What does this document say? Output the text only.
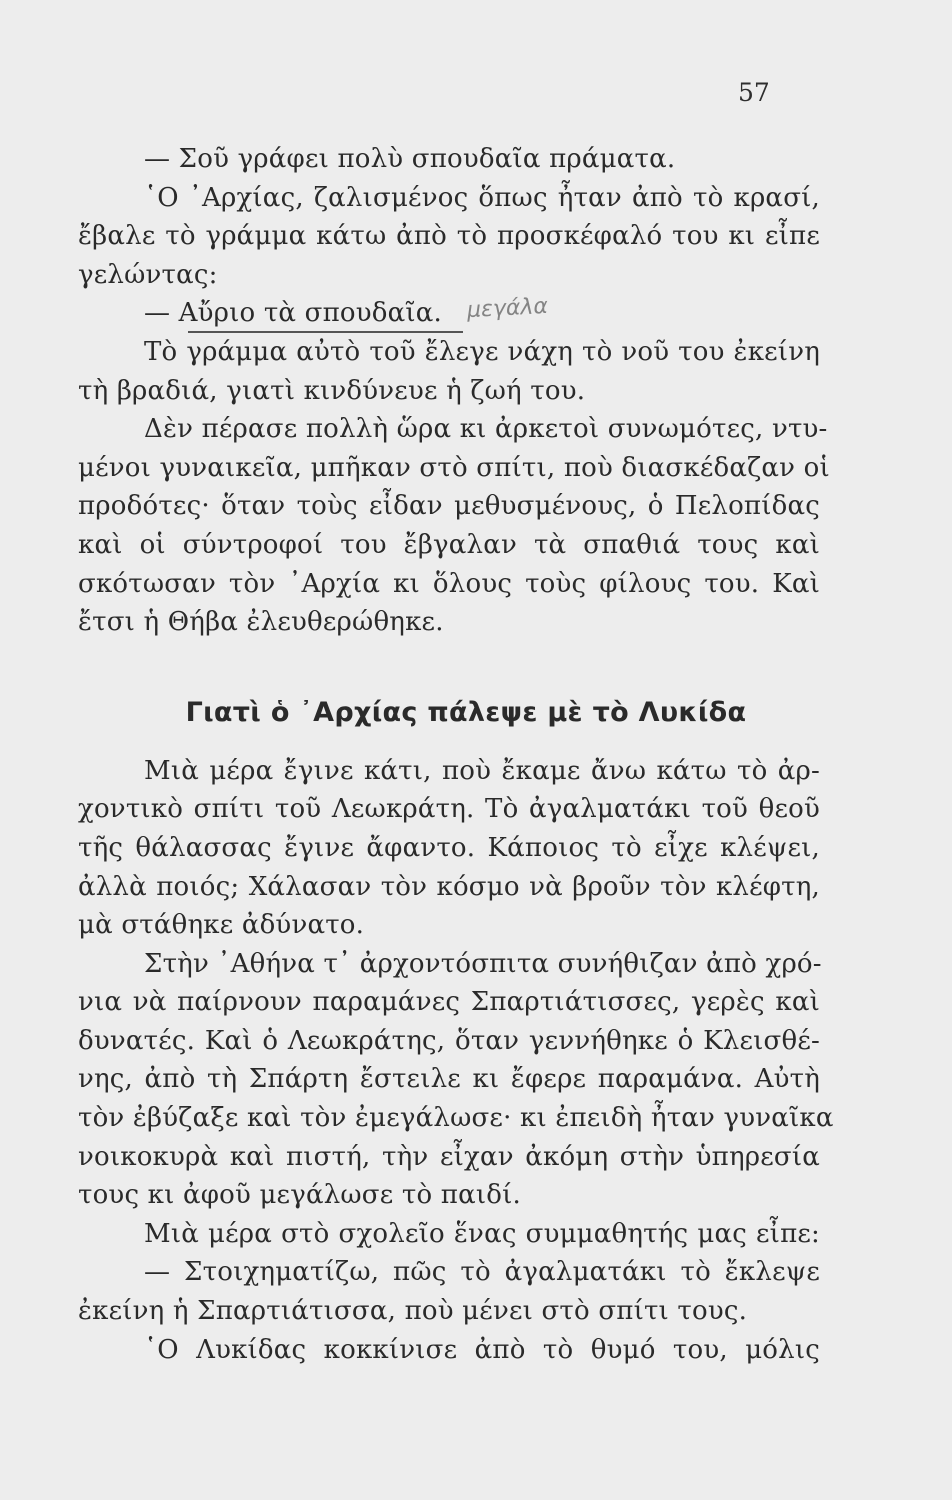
57
μεγάλα
— Σοῦ γράφει πολὺ σπουδαῖα πράματα.
῾Ο ᾿Αρχίας, ζαλισμένος ὅπως ἦταν ἀπὸ τὸ κρασί,
ἔβαλε τὸ γράμμα κάτω ἀπὸ τὸ προσκέφαλό του κι εἶπε
γελώντας:
— Αὔριο τὰ σπουδαῖα.
Τὸ γράμμα αὐτὸ τοῦ ἔλεγε νάχη τὸ νοῦ του ἐκείνη
τὴ βραδιά, γιατὶ κινδύνευε ἡ ζωή του.
Δὲν πέρασε πολλὴ ὥρα κι ἀρκετοὶ συνωμότες, ντυ-
μένοι γυναικεῖα, μπῆκαν στὸ σπίτι, ποὺ διασκέδαζαν οἱ
προδότες· ὅταν τοὺς εἶδαν μεθυσμένους, ὁ Πελοπίδας
καὶ οἱ σύντροφοί του ἔβγαλαν τὰ σπαθιά τους καὶ
σκότωσαν τὸν ᾿Αρχία κι ὅλους τοὺς φίλους του. Καὶ
ἔτσι ἡ Θήβα ἐλευθερώθηκε.
Γιατὶ ὁ ᾿Αρχίας πάλεψε μὲ τὸ Λυκίδα
Μιὰ μέρα ἔγινε κάτι, ποὺ ἔκαμε ἄνω κάτω τὸ ἀρ-
χοντικὸ σπίτι τοῦ Λεωκράτη. Τὸ ἀγαλματάκι τοῦ θεοῦ
τῆς θάλασσας ἔγινε ἄφαντο. Κάποιος τὸ εἶχε κλέψει,
ἀλλὰ ποιός; Χάλασαν τὸν κόσμο νὰ βροῦν τὸν κλέφτη,
μὰ στάθηκε ἀδύνατο.
Στὴν ᾿Αθήνα τ᾿ ἀρχοντόσπιτα συνήθιζαν ἀπὸ χρό-
νια νὰ παίρνουν παραμάνες Σπαρτιάτισσες, γερὲς καὶ
δυνατές. Καὶ ὁ Λεωκράτης, ὅταν γεννήθηκε ὁ Κλεισθέ-
νης, ἀπὸ τὴ Σπάρτη ἔστειλε κι ἔφερε παραμάνα. Αὐτὴ
τὸν ἐβύζαξε καὶ τὸν ἐμεγάλωσε· κι ἐπειδὴ ἦταν γυναῖκα
νοικοκυρὰ καὶ πιστή, τὴν εἶχαν ἀκόμη στὴν ὑπηρεσία
τους κι ἀφοῦ μεγάλωσε τὸ παιδί.
Μιὰ μέρα στὸ σχολεῖο ἕνας συμμαθητής μας εἶπε:
— Στοιχηματίζω, πῶς τὸ ἀγαλματάκι τὸ ἔκλεψε
ἐκείνη ἡ Σπαρτιάτισσα, ποὺ μένει στὸ σπίτι τους.
῾Ο Λυκίδας κοκκίνισε ἀπὸ τὸ θυμό του, μόλις
